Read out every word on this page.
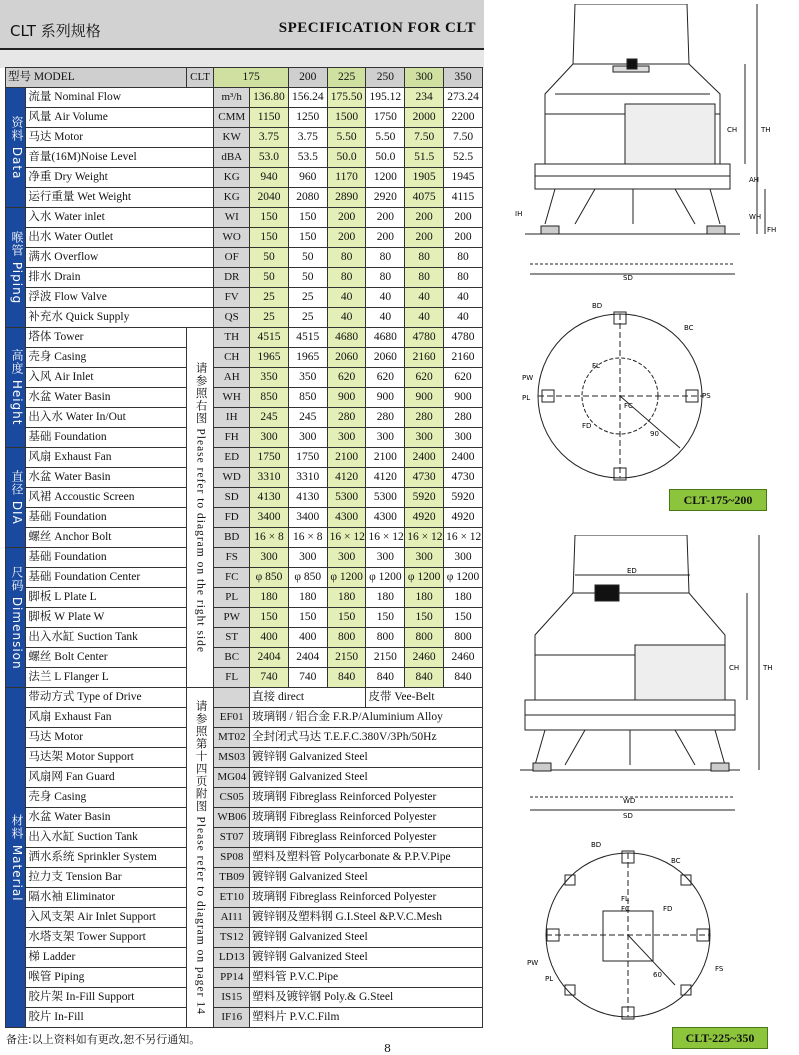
CLT 系列规格	SPECIFICATION FOR CLT
型号 MODEL		CLT	175		200	225	250	300	350

资料 Data	流量 Nominal Flow		m³/h	136.80	156.24	175.50	195.12	234	273.24
	风量 Air Volume		CMM	1150	1250	1500	1750	2000	2200
	马达 Motor		KW	3.75	3.75	5.50	5.50	7.50	7.50
	音量(16M)Noise Level		dBA	53.0	53.5	50.0	50.0	51.5	52.5
	净重 Dry Weight		KG	940	960	1170	1200	1905	1945
	运行重量 Wet Weight		KG	2040	2080	2890	2920	4075	4115

喉管 Piping	入水 Water inlet		WI	150	150	200	200	200	200
	出水 Water Outlet		WO	150	150	200	200	200	200
	满水 Overflow		OF	50	50	80	80	80	80
	排水 Drain		DR	50	50	80	80	80	80
	浮波 Flow Valve		FV	25	25	40	40	40	40
	补充水 Quick Supply		QS	25	25	40	40	40	40

高度 Height	塔体 Tower	请参照右图 Please refer to diagram on the right side	TH	4515	4515	4680	4680	4780	4780
	壳身 Casing		CH	1965	1965	2060	2060	2160	2160
	入风 Air Inlet		AH	350	350	620	620	620	620
	水盆 Water Basin		WH	850	850	900	900	900	900
	出入水 Water In/Out		IH	245	245	280	280	280	280
	基础 Foundation		FH	300	300	300	300	300	300

直径 DIA	风扇 Exhaust Fan		ED	1750	1750	2100	2100	2400	2400
	水盆 Water Basin		WD	3310	3310	4120	4120	4730	4730
	风裙 Accoustic Screen		SD	4130	4130	5300	5300	5920	5920
	基础 Foundation		FD	3400	3400	4300	4300	4920	4920
	螺丝 Anchor Bolt		BD	16 × 8	16 × 8	16 × 12	16 × 12	16 × 12	16 × 12

尺码 Dimension	基础 Foundation		FS	300	300	300	300	300	300
	基础 Foundation Center		FC	φ 850	φ 850	φ 1200	φ 1200	φ 1200	φ 1200
	脚板 L Plate L		PL	180	180	180	180	180	180
	脚板 W Plate W		PW	150	150	150	150	150	150
	出入水缸 Suction Tank		ST	400	400	800	800	800	800
	螺丝 Bolt Center		BC	2404	2404	2150	2150	2460	2460
	法兰 L Flanger L		FL	740	740	840	840	840	840

材料 Material	带动方式 Type of Drive	请参照第十四页附图 Please refer to diagram on pager 14		直接 direct			皮带 Vee-Belt		
	风扇 Exhaust Fan		EF01	玻璃钢 / 铝合金 F.R.P/Aluminium Alloy					
	马达 Motor		MT02	全封闭式马达 T.E.F.C.380V/3Ph/50Hz					
	马达架 Motor Support		MS03	镀锌钢 Galvanized Steel					
	风扇网 Fan Guard		MG04	镀锌钢 Galvanized Steel					
	壳身 Casing		CS05	玻璃钢 Fibreglass Reinforced Polyester					
	水盆 Water Basin		WB06	玻璃钢 Fibreglass Reinforced Polyester					
	出入水缸 Suction Tank		ST07	玻璃钢 Fibreglass Reinforced Polyester					
	洒水系统 Sprinkler System		SP08	塑料及塑料管 Polycarbonate & P.P.V.Pipe					
	拉力支 Tension Bar		TB09	镀锌钢 Galvanized Steel					
	隔水袖 Eliminator		ET10	玻璃钢 Fibreglass Reinforced Polyester					
	入风支架 Air Inlet Support		AI11	镀锌钢及塑料钢 G.I.Steel &P.V.C.Mesh					
	水塔支架 Tower Support		TS12	镀锌钢 Galvanized Steel					
	梯 Ladder		LD13	镀锌钢 Galvanized Steel					
	喉管 Piping		PP14	塑料管 P.V.C.Pipe					
	胶片架 In-Fill Support		IS15	塑料及镀锌钢 Poly.& G.Steel					
	胶片 In-Fill		IF16	塑料片 P.V.C.Film					
备注:以上资料如有更改,恕不另行通知。
8
CH	TH
AH
WH
IH
FH
SD
BD
BC
PW
PL
FL
FC
FD
PS
90
CLT-175~200
ED
CH	TH
WD
SD
BD
BC
FL
FC	FD
PW
PL
FS
60
CLT-225~350
